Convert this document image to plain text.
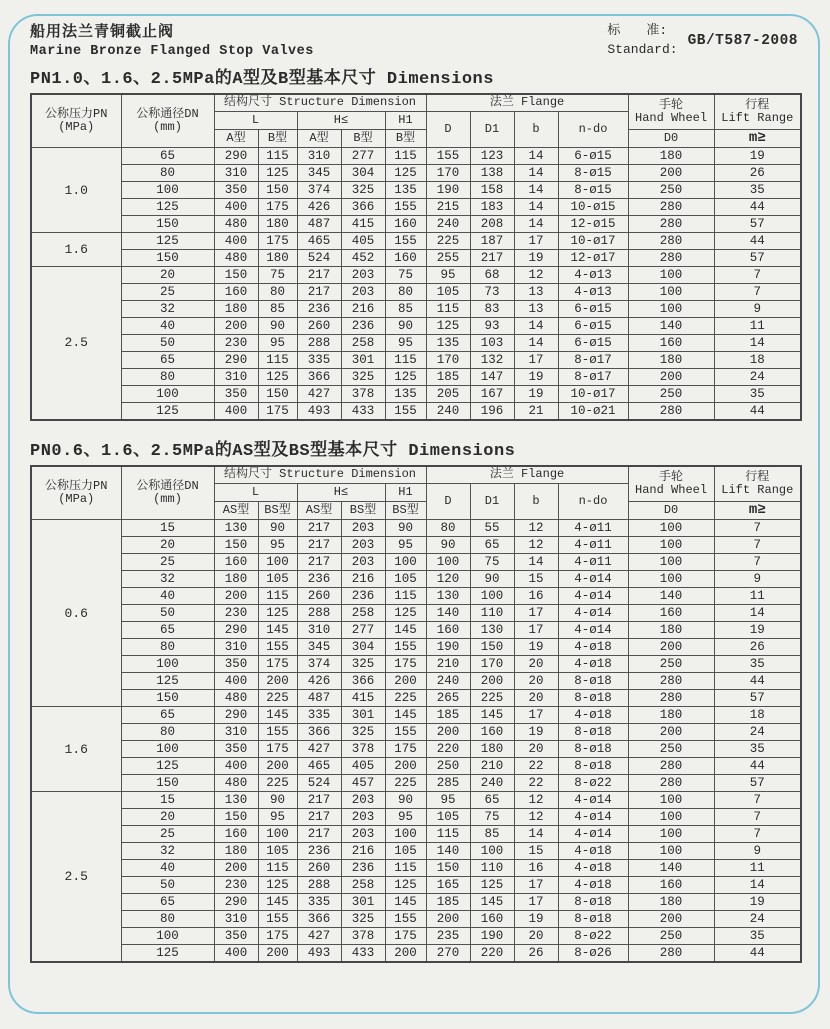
船用法兰青铜截止阀
Marine Bronze Flanged Stop Valves
标　　准:
Standard:
GB/T587-2008
PN1.0、1.6、2.5MPa的A型及B型基本尺寸 Dimensions
公称压力PN
(MPa)	公称通径DN
(mm)	结构尺寸 Structure Dimension					法兰 Flange				手轮
Hand Wheel	行程
Lift Range

		L		H≤		H1	D	D1	b	n-do		
		A型	B型	A型	B型	B型					D0	m≥
1.0	65	290	115	310	277	115	155	123	14	6-ø15	180	19
	80	310	125	345	304	125	170	138	14	8-ø15	200	26
	100	350	150	374	325	135	190	158	14	8-ø15	250	35
	125	400	175	426	366	155	215	183	14	10-ø15	280	44
	150	480	180	487	415	160	240	208	14	12-ø15	280	57
1.6	125	400	175	465	405	155	225	187	17	10-ø17	280	44
	150	480	180	524	452	160	255	217	19	12-ø17	280	57
2.5	20	150	75	217	203	75	95	68	12	4-ø13	100	7
	25	160	80	217	203	80	105	73	13	4-ø13	100	7
	32	180	85	236	216	85	115	83	13	6-ø15	100	9
	40	200	90	260	236	90	125	93	14	6-ø15	140	11
	50	230	95	288	258	95	135	103	14	6-ø15	160	14
	65	290	115	335	301	115	170	132	17	8-ø17	180	18
	80	310	125	366	325	125	185	147	19	8-ø17	200	24
	100	350	150	427	378	135	205	167	19	10-ø17	250	35
	125	400	175	493	433	155	240	196	21	10-ø21	280	44
PN0.6、1.6、2.5MPa的AS型及BS型基本尺寸 Dimensions
公称压力PN
(MPa)	公称通径DN
(mm)	结构尺寸 Structure Dimension					法兰 Flange				手轮
Hand Wheel	行程
Lift Range

		L		H≤		H1	D	D1	b	n-do		
		AS型	BS型	AS型	BS型	BS型					D0	m≥
0.6	15	130	90	217	203	90	80	55	12	4-ø11	100	7
	20	150	95	217	203	95	90	65	12	4-ø11	100	7
	25	160	100	217	203	100	100	75	14	4-ø11	100	7
	32	180	105	236	216	105	120	90	15	4-ø14	100	9
	40	200	115	260	236	115	130	100	16	4-ø14	140	11
	50	230	125	288	258	125	140	110	17	4-ø14	160	14
	65	290	145	310	277	145	160	130	17	4-ø14	180	19
	80	310	155	345	304	155	190	150	19	4-ø18	200	26
	100	350	175	374	325	175	210	170	20	4-ø18	250	35
	125	400	200	426	366	200	240	200	20	8-ø18	280	44
	150	480	225	487	415	225	265	225	20	8-ø18	280	57
1.6	65	290	145	335	301	145	185	145	17	4-ø18	180	18
	80	310	155	366	325	155	200	160	19	8-ø18	200	24
	100	350	175	427	378	175	220	180	20	8-ø18	250	35
	125	400	200	465	405	200	250	210	22	8-ø18	280	44
	150	480	225	524	457	225	285	240	22	8-ø22	280	57
2.5	15	130	90	217	203	90	95	65	12	4-ø14	100	7
	20	150	95	217	203	95	105	75	12	4-ø14	100	7
	25	160	100	217	203	100	115	85	14	4-ø14	100	7
	32	180	105	236	216	105	140	100	15	4-ø18	100	9
	40	200	115	260	236	115	150	110	16	4-ø18	140	11
	50	230	125	288	258	125	165	125	17	4-ø18	160	14
	65	290	145	335	301	145	185	145	17	8-ø18	180	19
	80	310	155	366	325	155	200	160	19	8-ø18	200	24
	100	350	175	427	378	175	235	190	20	8-ø22	250	35
	125	400	200	493	433	200	270	220	26	8-ø26	280	44
